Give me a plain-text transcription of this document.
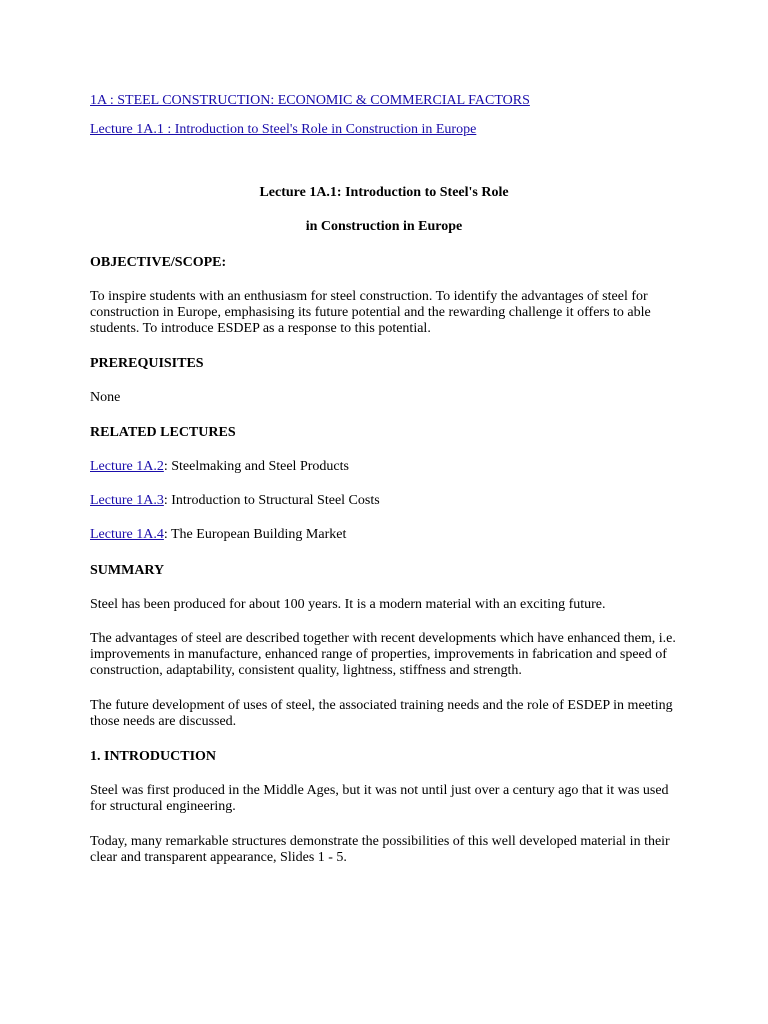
1A : STEEL CONSTRUCTION: ECONOMIC & COMMERCIAL FACTORS
Lecture 1A.1 : Introduction to Steel's Role in Construction in Europe
Lecture 1A.1: Introduction to Steel's Role
in Construction in Europe
OBJECTIVE/SCOPE:
To inspire students with an enthusiasm for steel construction. To identify the advantages of steel for
construction in Europe, emphasising its future potential and the rewarding challenge it offers to able
students. To introduce ESDEP as a response to this potential.
PREREQUISITES
None
RELATED LECTURES
Lecture 1A.2: Steelmaking and Steel Products
Lecture 1A.3: Introduction to Structural Steel Costs
Lecture 1A.4: The European Building Market
SUMMARY
Steel has been produced for about 100 years. It is a modern material with an exciting future.
The advantages of steel are described together with recent developments which have enhanced them, i.e.
improvements in manufacture, enhanced range of properties, improvements in fabrication and speed of
construction, adaptability, consistent quality, lightness, stiffness and strength.
The future development of uses of steel, the associated training needs and the role of ESDEP in meeting
those needs are discussed.
1. INTRODUCTION
Steel was first produced in the Middle Ages, but it was not until just over a century ago that it was used
for structural engineering.
Today, many remarkable structures demonstrate the possibilities of this well developed material in their
clear and transparent appearance, Slides 1 - 5.
